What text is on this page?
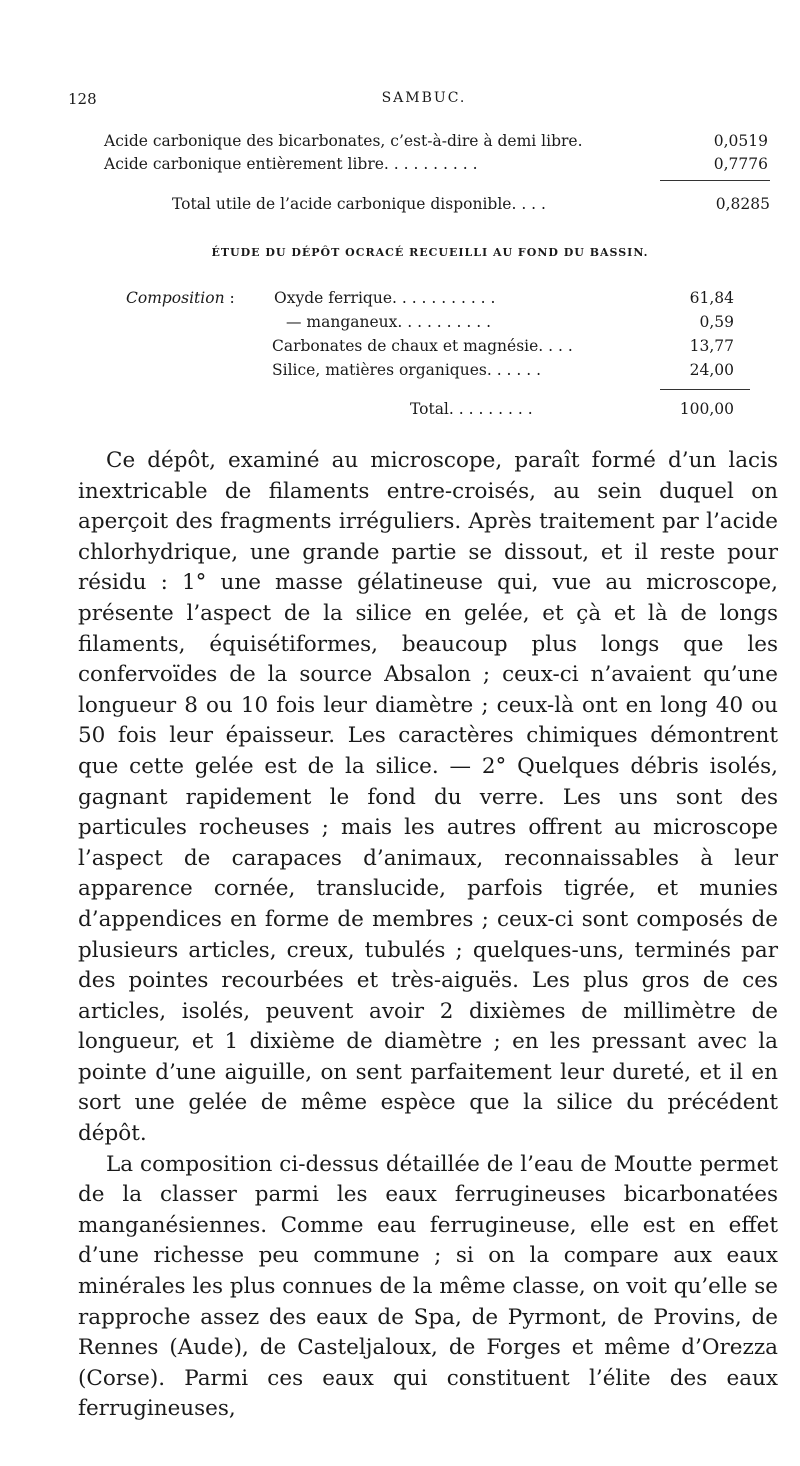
128	SAMBUC.
Acide carbonique des bicarbonates, c’est-à-dire à demi libre.	0,0519
Acide carbonique entièrement libre. . . . . . . . . .	0,7776
Total utile de l’acide carbonique disponible. . . .	0,8285
ÉTUDE DU DÉPÔT OCRACÉ RECUEILLI AU FOND DU BASSIN.
Composition :	Oxyde ferrique. . . . . . . . . . .	61,84
— manganeux. . . . . . . . . .	0,59
Carbonates de chaux et magnésie. . . .	13,77
Silice, matières organiques. . . . . .	24,00
Total. . . . . . . . .	100,00

Ce dépôt, examiné au microscope, paraît formé d’un lacis inextricable de filaments entre-croisés, au sein duquel on aperçoit des fragments irréguliers. Après traitement par l’acide chlorhydrique, une grande partie se dissout, et il reste pour résidu : 1° une masse gélatineuse qui, vue au microscope, présente l’aspect de la silice en gelée, et çà et là de longs filaments, équisétiformes, beaucoup plus longs que les confervoïdes de la source Absalon ; ceux-ci n’avaient qu’une longueur 8 ou 10 fois leur diamètre ; ceux-là ont en long 40 ou 50 fois leur épaisseur. Les caractères chimiques démontrent que cette gelée est de la silice. — 2° Quelques débris isolés, gagnant rapidement le fond du verre. Les uns sont des particules rocheuses ; mais les autres offrent au microscope l’aspect de carapaces d’animaux, reconnaissables à leur apparence cornée, translucide, parfois tigrée, et munies d’appendices en forme de membres ; ceux-ci sont composés de plusieurs articles, creux, tubulés ; quelques-uns, terminés par des pointes recourbées et très-aiguës. Les plus gros de ces articles, isolés, peuvent avoir 2 dixièmes de millimètre de longueur, et 1 dixième de diamètre ; en les pressant avec la pointe d’une aiguille, on sent parfaitement leur dureté, et il en sort une gelée de même espèce que la silice du précédent dépôt.

La composition ci-dessus détaillée de l’eau de Moutte permet de la classer parmi les eaux ferrugineuses bicarbonatées manganésiennes. Comme eau ferrugineuse, elle est en effet d’une richesse peu commune ; si on la compare aux eaux minérales les plus connues de la même classe, on voit qu’elle se rapproche assez des eaux de Spa, de Pyrmont, de Provins, de Rennes (Aude), de Casteljaloux, de Forges et même d’Orezza (Corse). Parmi ces eaux qui constituent l’élite des eaux ferrugineuses,
